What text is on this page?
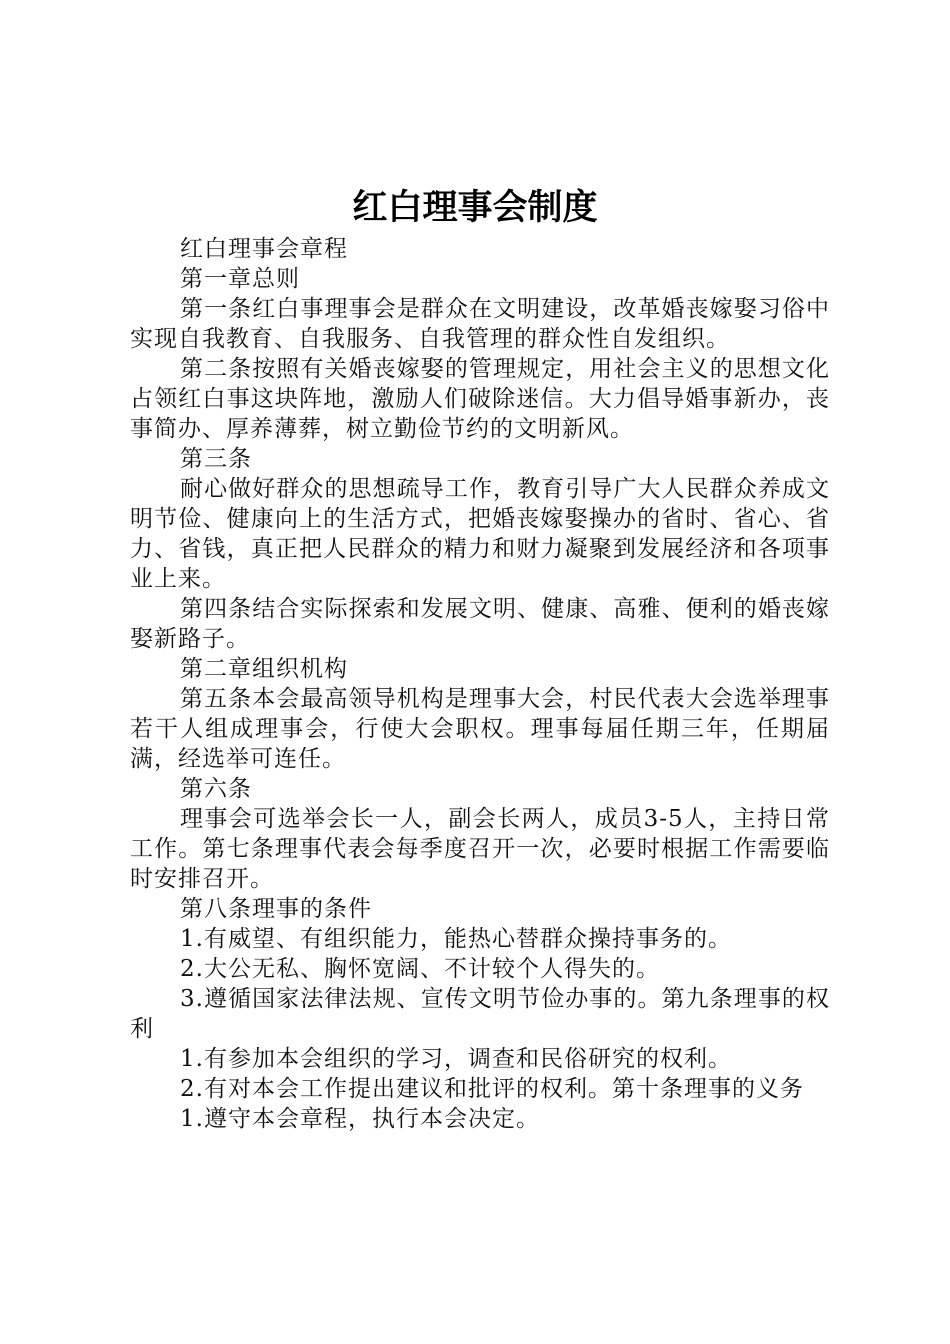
红白理事会制度

红白理事会章程

第一章总则

第一条红白事理事会是群众在文明建设，改革婚丧嫁娶习俗中实现自我教育、自我服务、自我管理的群众性自发组织。

第二条按照有关婚丧嫁娶的管理规定，用社会主义的思想文化占领红白事这块阵地，激励人们破除迷信。大力倡导婚事新办，丧事简办、厚养薄葬，树立勤俭节约的文明新风。

第三条

耐心做好群众的思想疏导工作，教育引导广大人民群众养成文明节俭、健康向上的生活方式，把婚丧嫁娶操办的省时、省心、省力、省钱，真正把人民群众的精力和财力凝聚到发展经济和各项事业上来。

第四条结合实际探索和发展文明、健康、高雅、便利的婚丧嫁娶新路子。

第二章组织机构

第五条本会最高领导机构是理事大会，村民代表大会选举理事若干人组成理事会，行使大会职权。理事每届任期三年，任期届满，经选举可连任。

第六条

理事会可选举会长一人，副会长两人，成员3-5人，主持日常工作。第七条理事代表会每季度召开一次，必要时根据工作需要临时安排召开。

第八条理事的条件

1.有威望、有组织能力，能热心替群众操持事务的。

2.大公无私、胸怀宽阔、不计较个人得失的。

3.遵循国家法律法规、宣传文明节俭办事的。第九条理事的权利

1.有参加本会组织的学习，调查和民俗研究的权利。

2.有对本会工作提出建议和批评的权利。第十条理事的义务

1.遵守本会章程，执行本会决定。
